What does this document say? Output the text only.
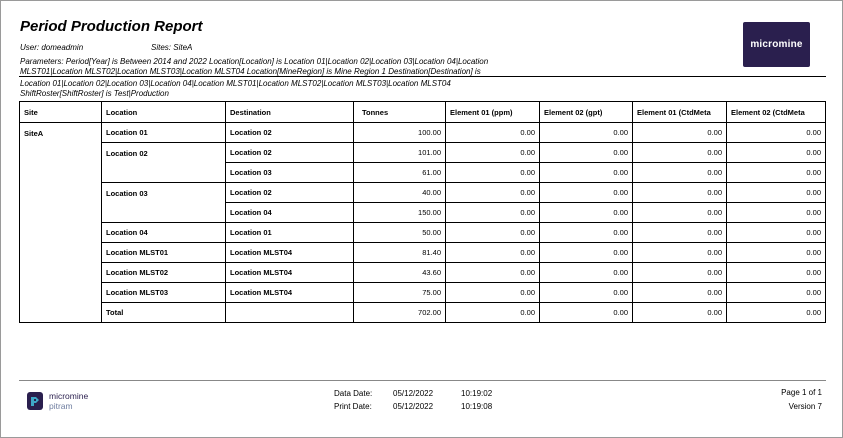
Period Production Report
User: domeadmin	Sites: SiteA
Parameters: Period[Year] is Between 2014 and 2022 Location[Location] is Location 01|Location 02|Location 03|Location 04|Location
MLST01|Location MLST02|Location MLST03|Location MLST04 Location[MineRegion] is Mine Region 1 Destination[Destination] is
Location 01|Location 02|Location 03|Location 04|Location MLST01|Location MLST02|Location MLST03|Location MLST04
ShiftRoster[ShiftRoster] is Test|Production
micromine
Site	Location	Destination	Tonnes	Element 01 (ppm)	Element 02 (gpt)	Element 01 (CtdMeta	Element 02 (CtdMeta
SiteA	Location 01	Location 02	100.00	0.00	0.00	0.00	0.00
	Location 02	Location 02	101.00	0.00	0.00	0.00	0.00
		Location 03	61.00	0.00	0.00	0.00	0.00
	Location 03	Location 02	40.00	0.00	0.00	0.00	0.00
		Location 04	150.00	0.00	0.00	0.00	0.00
	Location 04	Location 01	50.00	0.00	0.00	0.00	0.00
	Location MLST01	Location MLST04	81.40	0.00	0.00	0.00	0.00
	Location MLST02	Location MLST04	43.60	0.00	0.00	0.00	0.00
	Location MLST03	Location MLST04	75.00	0.00	0.00	0.00	0.00
	Total		702.00	0.00	0.00	0.00	0.00
micromine
pitram
Data Date:	05/12/2022	10:19:02
Print Date:	05/12/2022	10:19:08
Page 1 of 1
Version 7
